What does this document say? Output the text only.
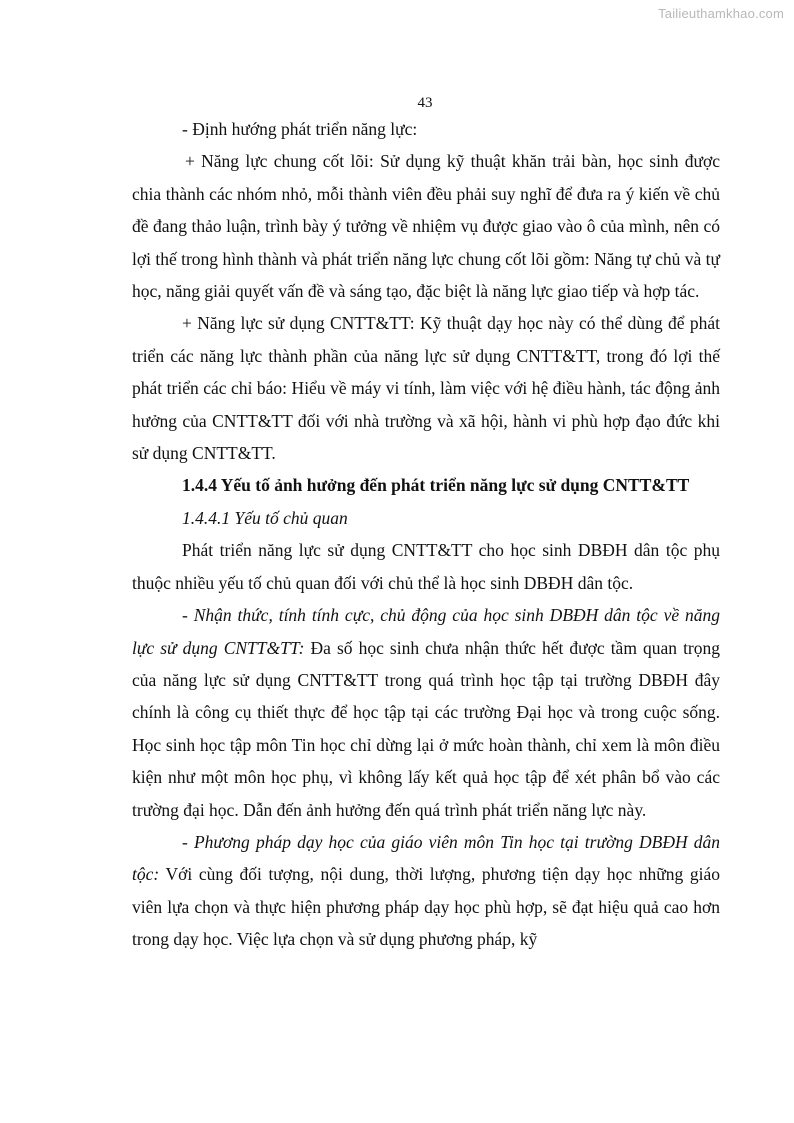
Tailieuthamkhao.com
43

- Định hướng phát triển năng lực:

+ Năng lực chung cốt lõi: Sử dụng kỹ thuật khăn trải bàn, học sinh được chia thành các nhóm nhỏ, mỗi thành viên đều phải suy nghĩ để đưa ra ý kiến về chủ đề đang thảo luận, trình bày ý tưởng về nhiệm vụ được giao vào ô của mình, nên có lợi thế trong hình thành và phát triển năng lực chung cốt lõi gồm: Năng tự chủ và tự học, năng giải quyết vấn đề và sáng tạo, đặc biệt là năng lực giao tiếp và hợp tác.

+ Năng lực sử dụng CNTT&TT: Kỹ thuật dạy học này có thể dùng để phát triển các năng lực thành phần của năng lực sử dụng CNTT&TT, trong đó lợi thế phát triển các chỉ báo: Hiểu về máy vi tính, làm việc với hệ điều hành, tác động ảnh hưởng của CNTT&TT đối với nhà trường và xã hội, hành vi phù hợp đạo đức khi sử dụng CNTT&TT.

1.4.4 Yếu tố ảnh hưởng đến phát triển năng lực sử dụng CNTT&TT

1.4.4.1 Yếu tố chủ quan

Phát triển năng lực sử dụng CNTT&TT cho học sinh DBĐH dân tộc phụ thuộc nhiều yếu tố chủ quan đối với chủ thể là học sinh DBĐH dân tộc.

- Nhận thức, tính tính cực, chủ động của học sinh DBĐH dân tộc về năng lực sử dụng CNTT&TT: Đa số học sinh chưa nhận thức hết được tầm quan trọng của năng lực sử dụng CNTT&TT trong quá trình học tập tại trường DBĐH đây chính là công cụ thiết thực để học tập tại các trường Đại học và trong cuộc sống. Học sinh học tập môn Tin học chỉ dừng lại ở mức hoàn thành, chỉ xem là môn điều kiện như một môn học phụ, vì không lấy kết quả học tập để xét phân bổ vào các trường đại học. Dẫn đến ảnh hưởng đến quá trình phát triển năng lực này.

- Phương pháp dạy học của giáo viên môn Tin học tại trường DBĐH dân tộc: Với cùng đối tượng, nội dung, thời lượng, phương tiện dạy học những giáo viên lựa chọn và thực hiện phương pháp dạy học phù hợp, sẽ đạt hiệu quả cao hơn trong dạy học. Việc lựa chọn và sử dụng phương pháp, kỹ
